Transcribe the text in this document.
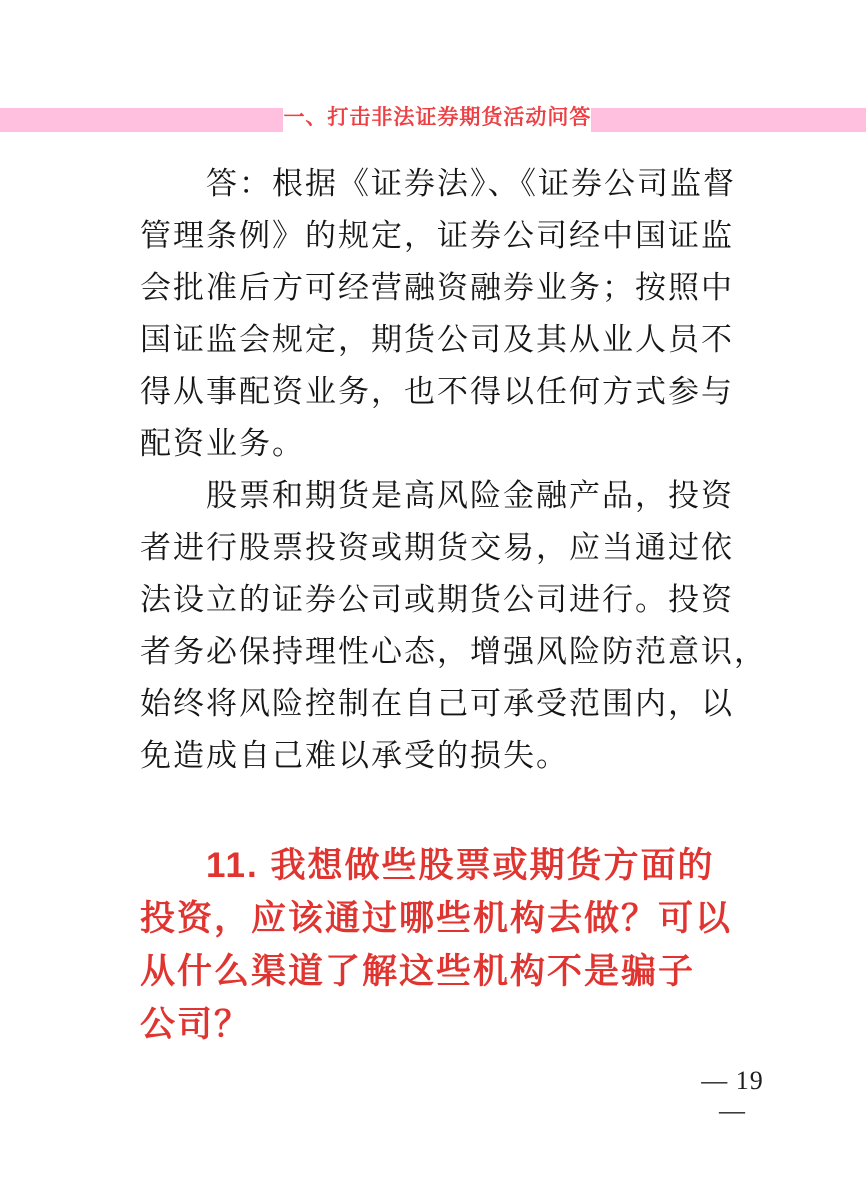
一、打击非法证券期货活动问答
答：根据《证券法》、《证券公司监督
管理条例》的规定，证券公司经中国证监
会批准后方可经营融资融券业务；按照中
国证监会规定，期货公司及其从业人员不
得从事配资业务，也不得以任何方式参与
配资业务。
股票和期货是高风险金融产品，投资
者进行股票投资或期货交易，应当通过依
法设立的证券公司或期货公司进行。投资
者务必保持理性心态，增强风险防范意识，
始终将风险控制在自己可承受范围内，以
免造成自己难以承受的损失。
11. 我想做些股票或期货方面的
投资，应该通过哪些机构去做？可以
从什么渠道了解这些机构不是骗子
公司？
— 19 —
